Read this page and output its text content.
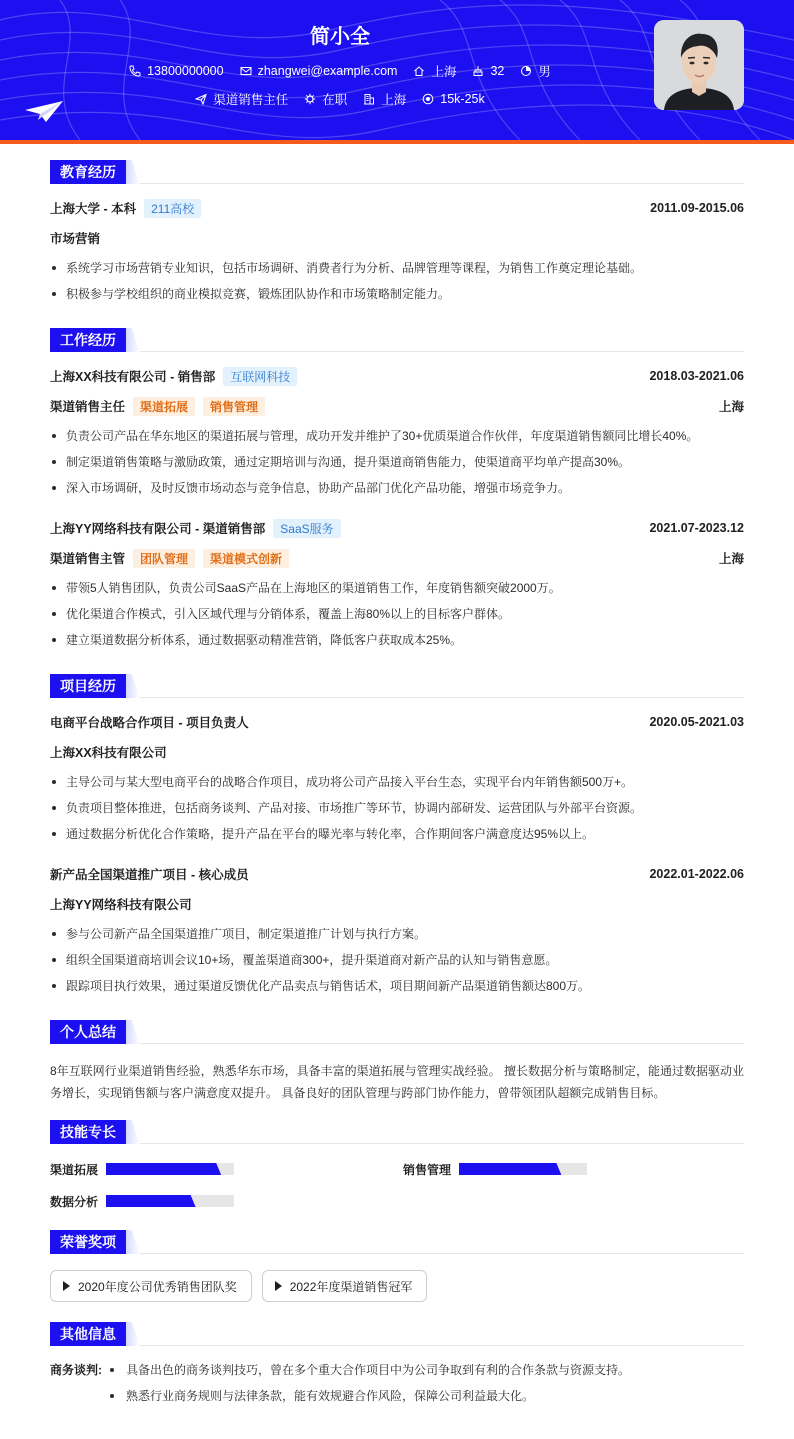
简小全
13800000000	zhangwei@example.com	上海	32	男
渠道销售主任	在职	上海	15k-25k
教育经历
上海大学 - 本科	211高校	2011.09-2015.06
市场营销
系统学习市场营销专业知识，包括市场调研、消费者行为分析、品牌管理等课程，为销售工作奠定理论基础。
积极参与学校组织的商业模拟竞赛，锻炼团队协作和市场策略制定能力。
工作经历
上海XX科技有限公司 - 销售部	互联网科技	2018.03-2021.06
渠道销售主任	渠道拓展	销售管理	上海
负责公司产品在华东地区的渠道拓展与管理，成功开发并维护了30+优质渠道合作伙伴，年度渠道销售额同比增长40%。
制定渠道销售策略与激励政策，通过定期培训与沟通，提升渠道商销售能力，使渠道商平均单产提高30%。
深入市场调研，及时反馈市场动态与竞争信息，协助产品部门优化产品功能，增强市场竞争力。
上海YY网络科技有限公司 - 渠道销售部	SaaS服务	2021.07-2023.12
渠道销售主管	团队管理	渠道模式创新	上海
带领5人销售团队，负责公司SaaS产品在上海地区的渠道销售工作，年度销售额突破2000万。
优化渠道合作模式，引入区域代理与分销体系，覆盖上海80%以上的目标客户群体。
建立渠道数据分析体系，通过数据驱动精准营销，降低客户获取成本25%。
项目经历
电商平台战略合作项目 - 项目负责人	2020.05-2021.03
上海XX科技有限公司
主导公司与某大型电商平台的战略合作项目，成功将公司产品接入平台生态，实现平台内年销售额500万+。
负责项目整体推进，包括商务谈判、产品对接、市场推广等环节，协调内部研发、运营团队与外部平台资源。
通过数据分析优化合作策略，提升产品在平台的曝光率与转化率，合作期间客户满意度达95%以上。
新产品全国渠道推广项目 - 核心成员	2022.01-2022.06
上海YY网络科技有限公司
参与公司新产品全国渠道推广项目，制定渠道推广计划与执行方案。
组织全国渠道商培训会议10+场，覆盖渠道商300+，提升渠道商对新产品的认知与销售意愿。
跟踪项目执行效果，通过渠道反馈优化产品卖点与销售话术，项目期间新产品渠道销售额达800万。
个人总结
8年互联网行业渠道销售经验，熟悉华东市场，具备丰富的渠道拓展与管理实战经验。 擅长数据分析与策略制定，能通过数据驱动业务增长，实现销售额与客户满意度双提升。 具备良好的团队管理与跨部门协作能力，曾带领团队超额完成销售目标。
技能专长
渠道拓展	销售管理
数据分析
荣誉奖项
2020年度公司优秀销售团队奖	2022年度渠道销售冠军
其他信息
商务谈判:	具备出色的商务谈判技巧，曾在多个重大合作项目中为公司争取到有利的合作条款与资源支持。
熟悉行业商务规则与法律条款，能有效规避合作风险，保障公司利益最大化。
